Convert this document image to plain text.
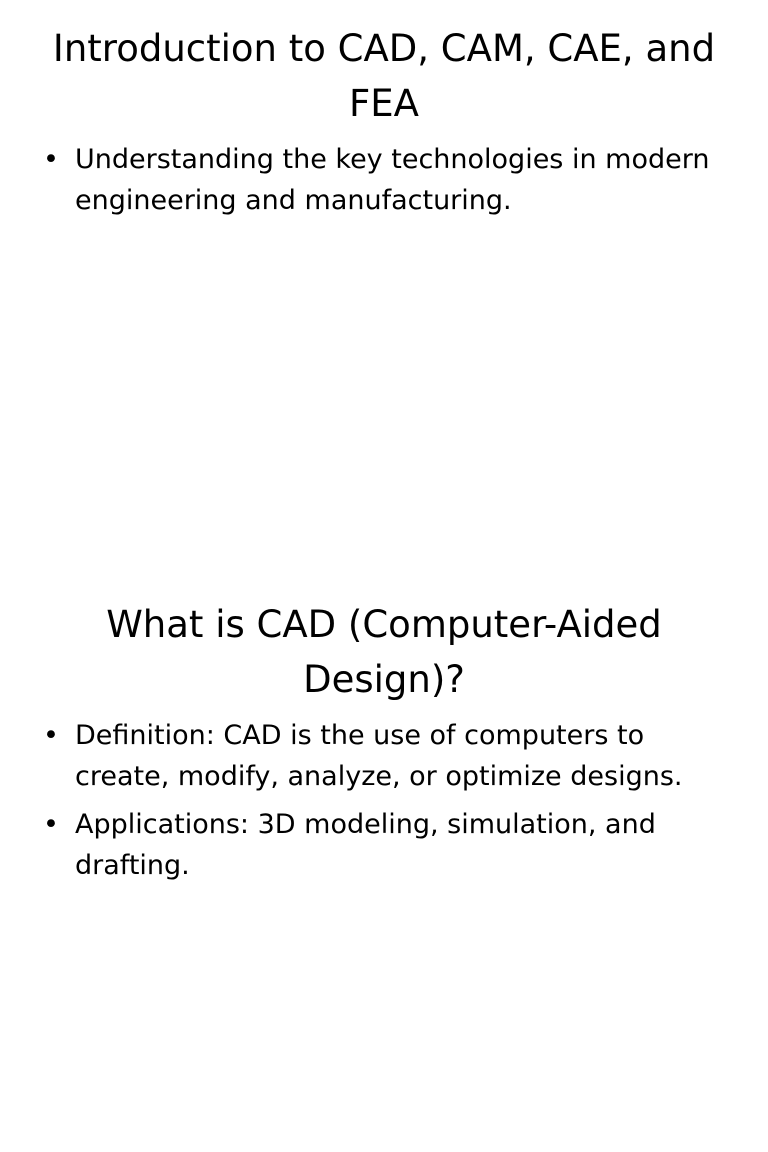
Introduction to CAD, CAM, CAE, and FEA
• Understanding the key technologies in modern engineering and manufacturing.
What is CAD (Computer-Aided Design)?
• Definition: CAD is the use of computers to create, modify, analyze, or optimize designs.
• Applications: 3D modeling, simulation, and drafting.
